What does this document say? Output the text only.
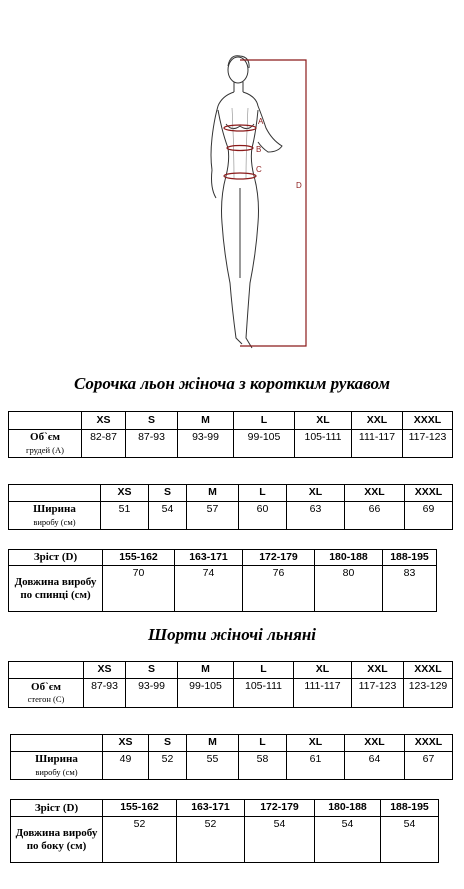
A
B
C
D
Сорочка льон жіноча з коротким рукавом
	XS	S	M	L	XL	XXL	XXXL
Об`єм
грудей (А)	82-87	87-93	93-99	99-105	105-111	111-117	117-123
	XS	S	M	L	XL	XXL	XXXL
Ширина
виробу (см)	51	54	57	60	63	66	69
Зріст (D)	155-162	163-171	172-179	180-188	188-195
Довжина виробу по спинці (см)	70	74	76	80	83
Шорти жіночі льняні
	XS	S	M	L	XL	XXL	XXXL
Об`єм
стегон (С)	87-93	93-99	99-105	105-111	111-117	117-123	123-129
	XS	S	M	L	XL	XXL	XXXL
Ширина
виробу (см)	49	52	55	58	61	64	67
Зріст (D)	155-162	163-171	172-179	180-188	188-195
Довжина виробу по боку (см)	52	52	54	54	54
